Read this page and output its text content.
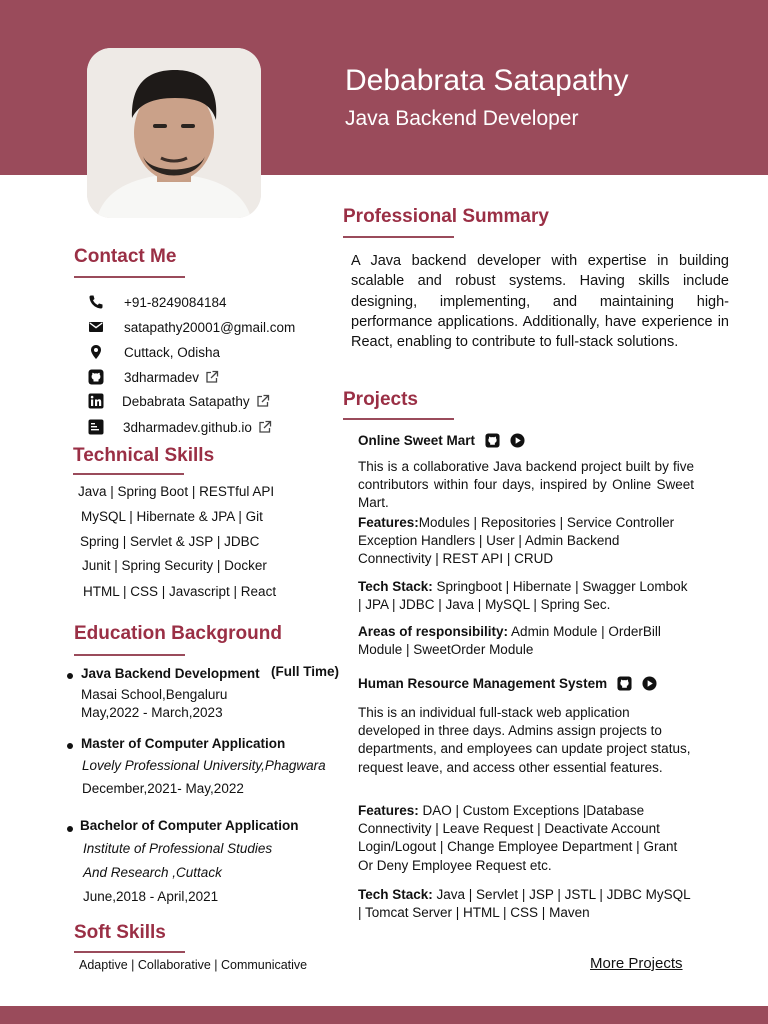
Debabrata Satapathy
Java Backend Developer
Contact Me
+91-8249084184
satapathy20001@gmail.com
Cuttack, Odisha
3dharmadev
Debabrata Satapathy
3dharmadev.github.io
Technical Skills
Java | Spring Boot | RESTful API
MySQL | Hibernate & JPA | Git
Spring | Servlet & JSP | JDBC
Junit | Spring Security | Docker
HTML | CSS | Javascript | React
Education Background
Java Backend Development (Full Time)
Masai School,Bengaluru
May,2022 - March,2023
Master of Computer Application
Lovely Professional University,Phagwara
December,2021- May,2022
Bachelor of Computer Application
Institute of Professional Studies
And Research ,Cuttack
June,2018 - April,2021
Soft Skills
Adaptive | Collaborative | Communicative
Professional Summary
A Java backend developer with expertise in building scalable and robust systems. Having skills include designing, implementing, and maintaining high-performance applications. Additionally, have experience in React, enabling to contribute to full-stack solutions.
Projects
Online Sweet Mart
This is a collaborative Java backend project built by five contributors within four days, inspired by Online Sweet Mart.
Features:Modules | Repositories | Service Controller Exception Handlers | User | Admin Backend Connectivity | REST API | CRUD
Tech Stack: Springboot | Hibernate | Swagger Lombok | JPA | JDBC | Java | MySQL | Spring Sec.
Areas of responsibility: Admin Module | OrderBill Module | SweetOrder Module
Human Resource Management System
This is an individual full-stack web application developed in three days. Admins assign projects to departments, and employees can update project status, request leave, and access other essential features.
Features: DAO | Custom Exceptions |Database Connectivity | Leave Request | Deactivate Account Login/Logout | Change Employee Department | Grant Or Deny Employee Request etc.
Tech Stack: Java | Servlet | JSP | JSTL | JDBC MySQL | Tomcat Server | HTML | CSS | Maven
More Projects
